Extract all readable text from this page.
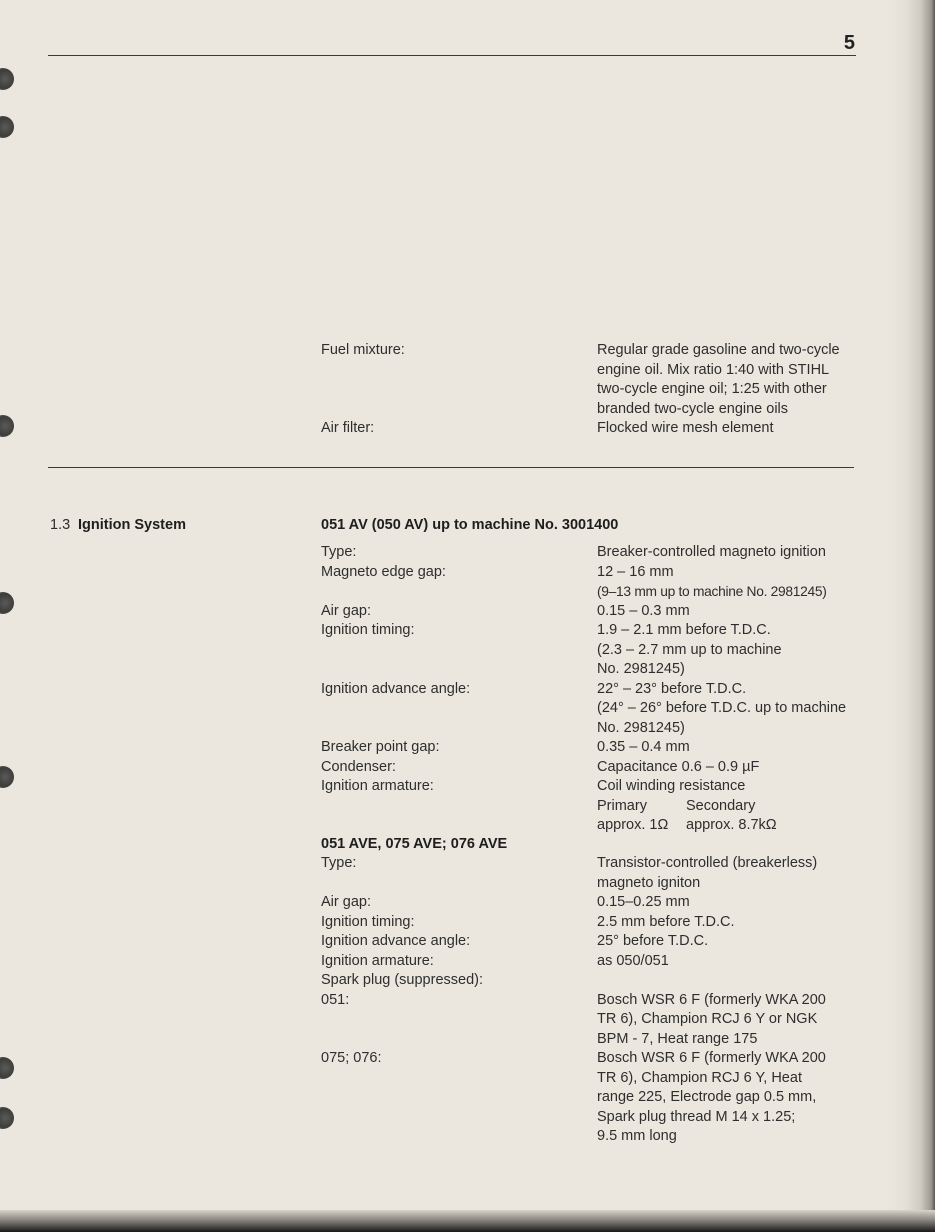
5
Fuel mixture:	Regular grade gasoline and two-cycle
engine oil. Mix ratio 1:40 with STIHL
two-cycle engine oil; 1:25 with other
branded two-cycle engine oils
Air filter:	Flocked wire mesh element
1.3 Ignition System	051 AV (050 AV) up to machine No. 3001400
Type:	Breaker-controlled magneto ignition
Magneto edge gap:	12 – 16 mm
(9–13 mm up to machine No. 2981245)
Air gap:	0.15 – 0.3 mm
Ignition timing:	1.9 – 2.1 mm before T.D.C.
(2.3 – 2.7 mm up to machine
No. 2981245)
Ignition advance angle:	22° – 23° before T.D.C.
(24° – 26° before T.D.C. up to machine
No. 2981245)
Breaker point gap:	0.35 – 0.4 mm
Condenser:	Capacitance 0.6 – 0.9 µF
Ignition armature:	Coil winding resistance
Primary	Secondary
approx. 1Ω approx. 8.7kΩ
051 AVE, 075 AVE; 076 AVE
Type:	Transistor-controlled (breakerless)
magneto igniton
Air gap:	0.15–0.25 mm
Ignition timing:	2.5 mm before T.D.C.
Ignition advance angle:	25° before T.D.C.
Ignition armature:	as 050/051
Spark plug (suppressed):
051:	Bosch WSR 6 F (formerly WKA 200
TR 6), Champion RCJ 6 Y or NGK
BPM - 7, Heat range 175
075; 076:	Bosch WSR 6 F (formerly WKA 200
TR 6), Champion RCJ 6 Y, Heat
range 225, Electrode gap 0.5 mm,
Spark plug thread M 14 x 1.25;
9.5 mm long
